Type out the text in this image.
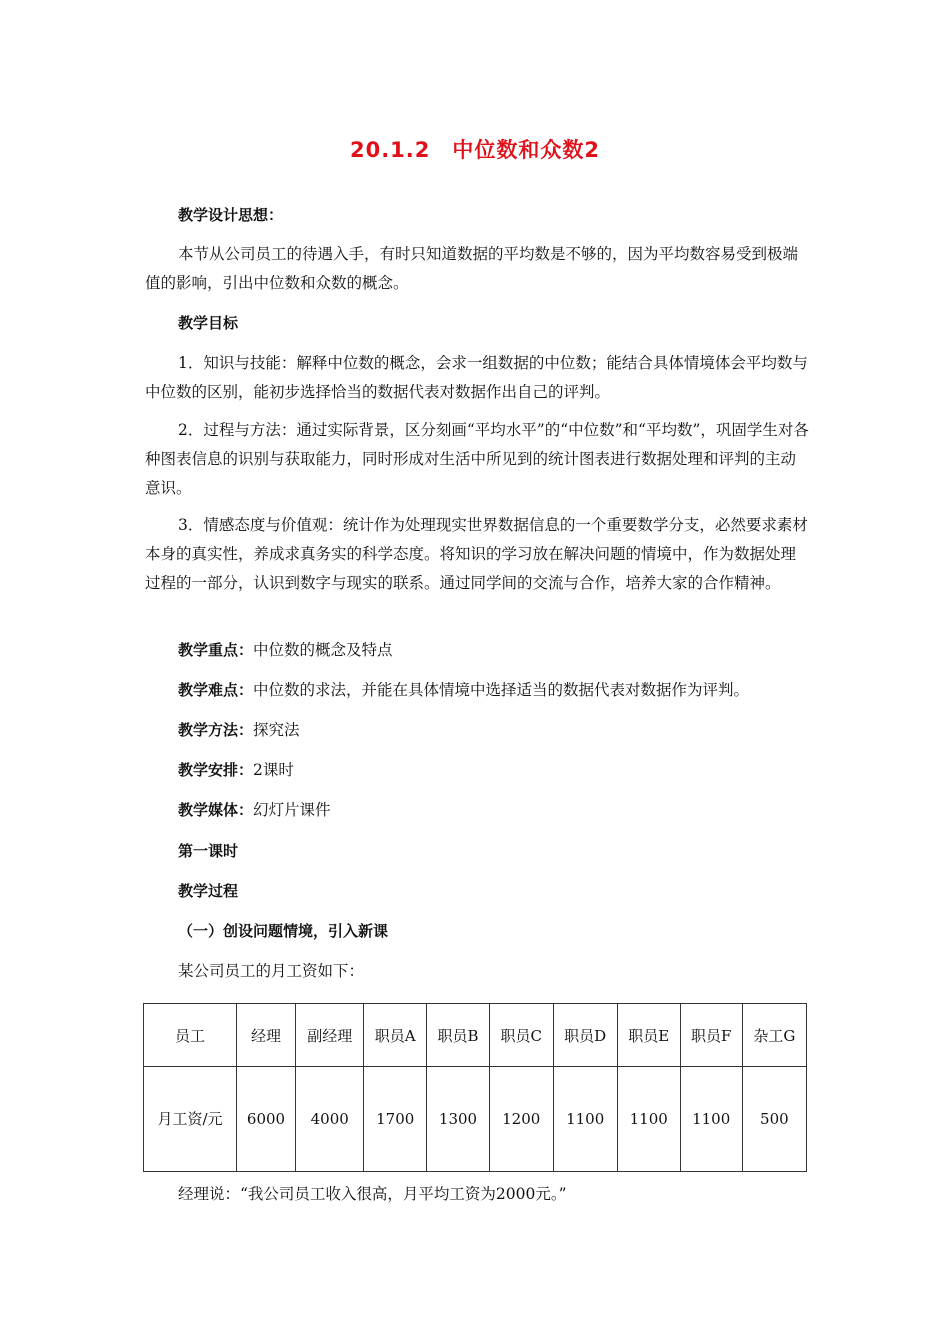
20.1.2　中位数和众数2
教学设计思想：
本节从公司员工的待遇入手，有时只知道数据的平均数是不够的，因为平均数容易受到极端值的影响，引出中位数和众数的概念。
教学目标
1．知识与技能：解释中位数的概念，会求一组数据的中位数；能结合具体情境体会平均数与中位数的区别，能初步选择恰当的数据代表对数据作出自己的评判。
2．过程与方法：通过实际背景，区分刻画“平均水平”的“中位数”和“平均数”，巩固学生对各种图表信息的识别与获取能力，同时形成对生活中所见到的统计图表进行数据处理和评判的主动意识。
3．情感态度与价值观：统计作为处理现实世界数据信息的一个重要数学分支，必然要求素材本身的真实性，养成求真务实的科学态度。将知识的学习放在解决问题的情境中，作为数据处理过程的一部分，认识到数字与现实的联系。通过同学间的交流与合作，培养大家的合作精神。
教学重点：中位数的概念及特点
教学难点：中位数的求法，并能在具体情境中选择适当的数据代表对数据作为评判。
教学方法：探究法
教学安排：2课时
教学媒体：幻灯片课件
第一课时
教学过程
（一）创设问题情境，引入新课
某公司员工的月工资如下：
员工	经理	副经理	职员A	职员B	职员C	职员D	职员E	职员F	杂工G
月工资/元	6000	4000	1700	1300	1200	1100	1100	1100	500
经理说：“我公司员工收入很高，月平均工资为2000元。”
